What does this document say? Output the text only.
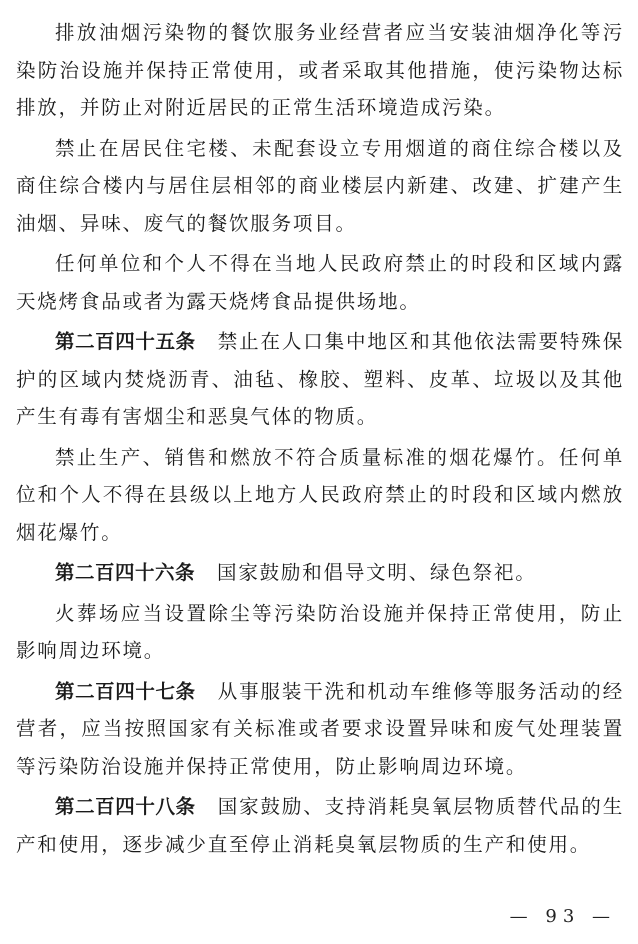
排放油烟污染物的餐饮服务业经营者应当安装油烟净化等污染防治设施并保持正常使用，或者采取其他措施，使污染物达标排放，并防止对附近居民的正常生活环境造成污染。

禁止在居民住宅楼、未配套设立专用烟道的商住综合楼以及商住综合楼内与居住层相邻的商业楼层内新建、改建、扩建产生油烟、异味、废气的餐饮服务项目。

任何单位和个人不得在当地人民政府禁止的时段和区域内露天烧烤食品或者为露天烧烤食品提供场地。

第二百四十五条 禁止在人口集中地区和其他依法需要特殊保护的区域内焚烧沥青、油毡、橡胶、塑料、皮革、垃圾以及其他产生有毒有害烟尘和恶臭气体的物质。

禁止生产、销售和燃放不符合质量标准的烟花爆竹。任何单位和个人不得在县级以上地方人民政府禁止的时段和区域内燃放烟花爆竹。

第二百四十六条 国家鼓励和倡导文明、绿色祭祀。

火葬场应当设置除尘等污染防治设施并保持正常使用，防止影响周边环境。

第二百四十七条 从事服装干洗和机动车维修等服务活动的经营者，应当按照国家有关标准或者要求设置异味和废气处理装置等污染防治设施并保持正常使用，防止影响周边环境。

第二百四十八条 国家鼓励、支持消耗臭氧层物质替代品的生产和使用，逐步减少直至停止消耗臭氧层物质的生产和使用。

— 93 —
